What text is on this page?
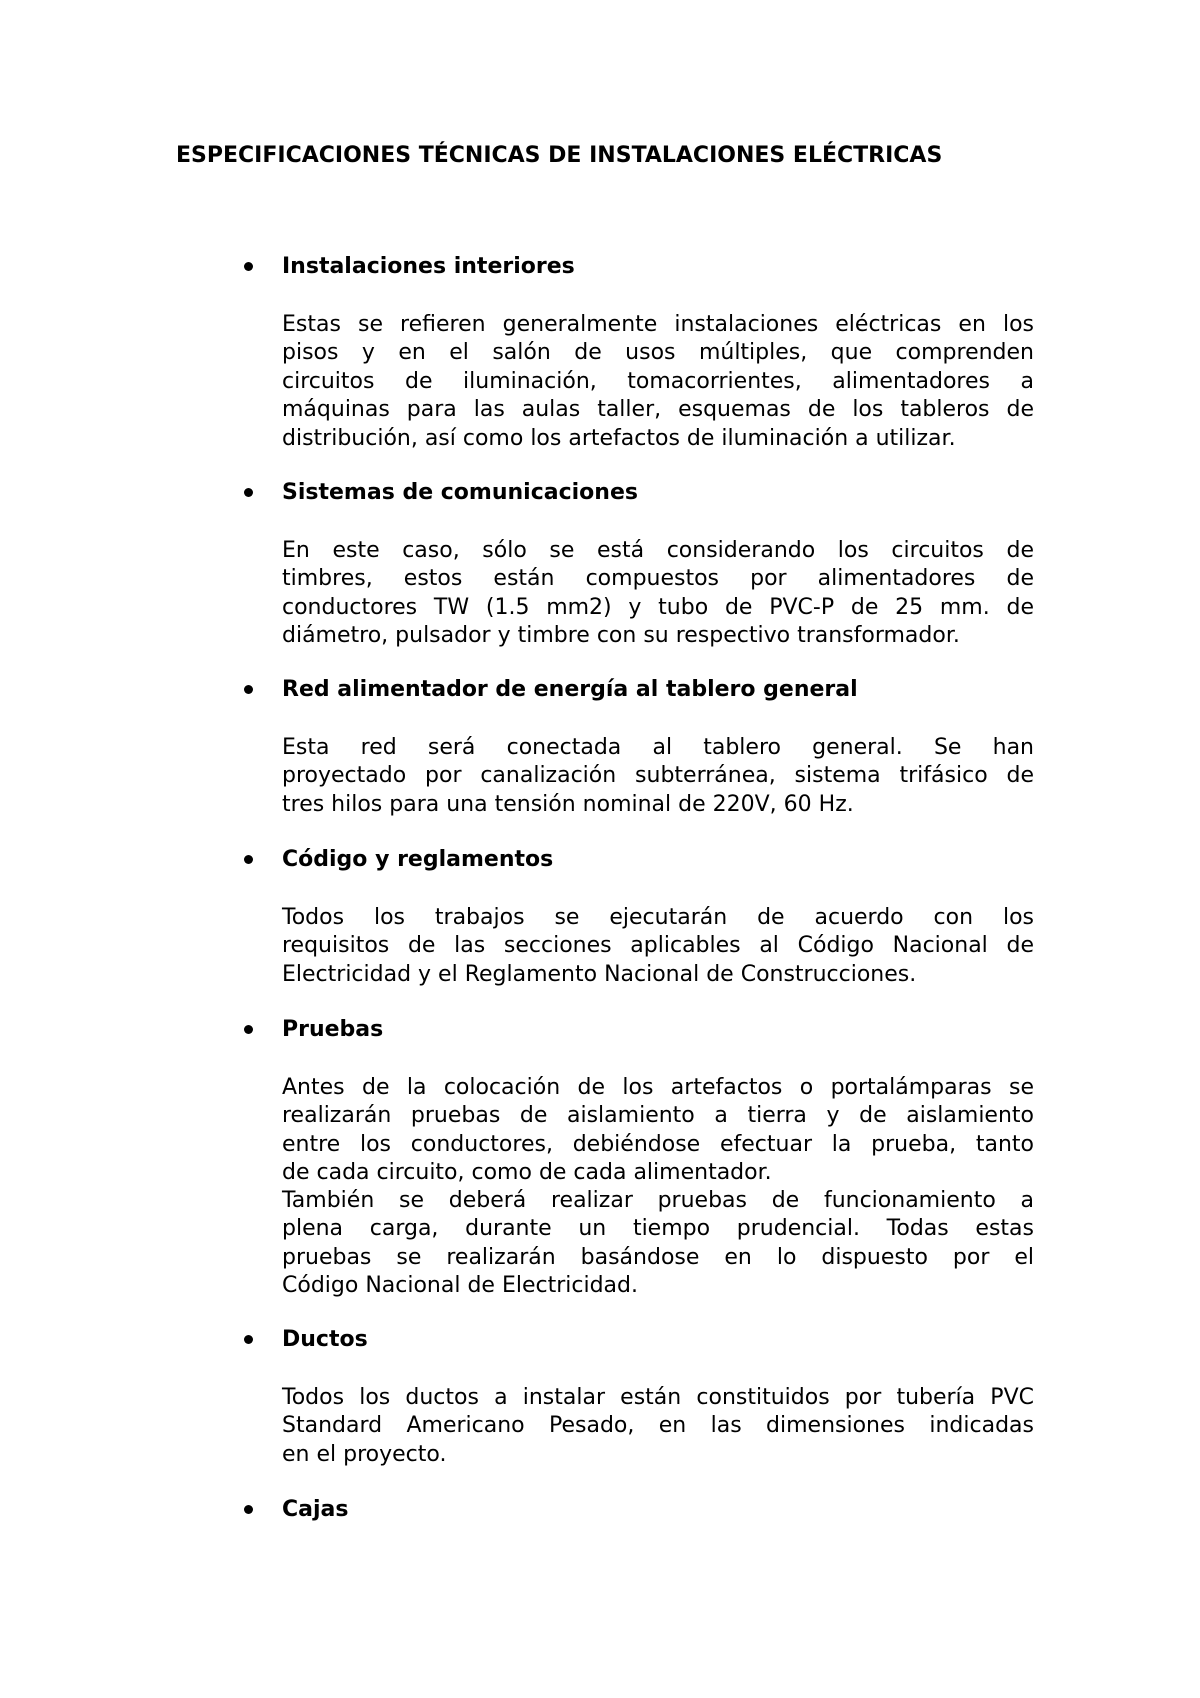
ESPECIFICACIONES TÉCNICAS DE INSTALACIONES ELÉCTRICAS
Instalaciones interiores

Estas se refieren generalmente instalaciones eléctricas en los
pisos y en el salón de usos múltiples, que comprenden
circuitos de iluminación, tomacorrientes, alimentadores a
máquinas para las aulas taller, esquemas de los tableros de
distribución, así como los artefactos de iluminación a utilizar.

Sistemas de comunicaciones

En este caso, sólo se está considerando los circuitos de
timbres, estos están compuestos por alimentadores de
conductores TW (1.5 mm2) y tubo de PVC-P de 25 mm. de
diámetro, pulsador y timbre con su respectivo transformador.

Red alimentador de energía al tablero general

Esta red será conectada al tablero general. Se han
proyectado por canalización subterránea, sistema trifásico de
tres hilos para una tensión nominal de 220V, 60 Hz.

Código y reglamentos

Todos los trabajos se ejecutarán de acuerdo con los
requisitos de las secciones aplicables al Código Nacional de
Electricidad y el Reglamento Nacional de Construcciones.

Pruebas

Antes de la colocación de los artefactos o portalámparas se
realizarán pruebas de aislamiento a tierra y de aislamiento
entre los conductores, debiéndose efectuar la prueba, tanto
de cada circuito, como de cada alimentador.

También se deberá realizar pruebas de funcionamiento a
plena carga, durante un tiempo prudencial. Todas estas
pruebas se realizarán basándose en lo dispuesto por el
Código Nacional de Electricidad.

Ductos

Todos los ductos a instalar están constituidos por tubería PVC
Standard Americano Pesado, en las dimensiones indicadas
en el proyecto.

Cajas
